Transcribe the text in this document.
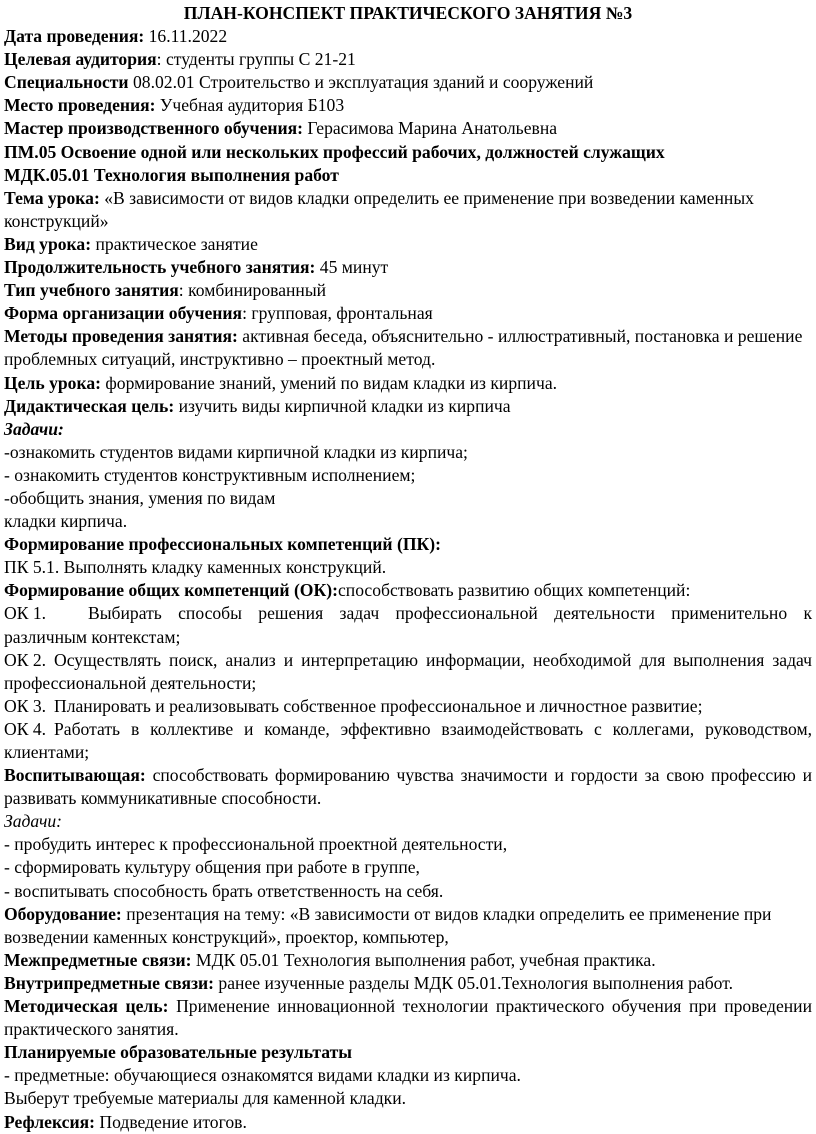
ПЛАН-КОНСПЕКТ ПРАКТИЧЕСКОГО ЗАНЯТИЯ №3

Дата проведения: 16.11.2022

Целевая аудитория: студенты группы С 21-21

Специальности 08.02.01 Строительство и эксплуатация зданий и сооружений

Место проведения: Учебная аудитория Б103

Мастер производственного обучения: Герасимова Марина Анатольевна

ПМ.05 Освоение одной или нескольких профессий рабочих, должностей служащих

МДК.05.01 Технология выполнения работ

Тема урока: «В зависимости от видов кладки определить ее применение при возведении каменных конструкций»

Вид урока: практическое занятие

Продолжительность учебного занятия: 45 минут

Тип учебного занятия: комбинированный

Форма организации обучения: групповая, фронтальная

Методы проведения занятия: активная беседа, объяснительно - иллюстративный, постановка и решение проблемных ситуаций, инструктивно – проектный метод.

Цель урока: формирование знаний, умений по видам кладки из кирпича.

Дидактическая цель: изучить виды кирпичной кладки из кирпича

Задачи:

-ознакомить студентов видами кирпичной кладки из кирпича;

- ознакомить студентов конструктивным исполнением;

-обобщить знания, умения по видам

кладки кирпича.

Формирование профессиональных компетенций (ПК):

ПК 5.1. Выполнять кладку каменных конструкций.

Формирование общих компетенций (ОК):способствовать развитию общих компетенций:

ОК 1. Выбирать способы решения задач профессиональной деятельности применительно к различным контекстам;

ОК 2. Осуществлять поиск, анализ и интерпретацию информации, необходимой для выполнения задач профессиональной деятельности;

ОК 3. Планировать и реализовывать собственное профессиональное и личностное развитие;

ОК 4. Работать в коллективе и команде, эффективно взаимодействовать с коллегами, руководством, клиентами;

Воспитывающая: способствовать формированию чувства значимости и гордости за свою профессию и развивать коммуникативные способности.

Задачи:

- пробудить интерес к профессиональной проектной деятельности,

- сформировать культуру общения при работе в группе,

- воспитывать способность брать ответственность на себя.

Оборудование: презентация на тему: «В зависимости от видов кладки определить ее применение при возведении каменных конструкций», проектор, компьютер,

Межпредметные связи: МДК 05.01 Технология выполнения работ, учебная практика.

Внутрипредметные связи: ранее изученные разделы МДК 05.01.Технология выполнения работ.

Методическая цель: Применение инновационной технологии практического обучения при проведении практического занятия.

Планируемые образовательные результаты

- предметные: обучающиеся ознакомятся видами кладки из кирпича.

Выберут требуемые материалы для каменной кладки.

Рефлексия: Подведение итогов.
